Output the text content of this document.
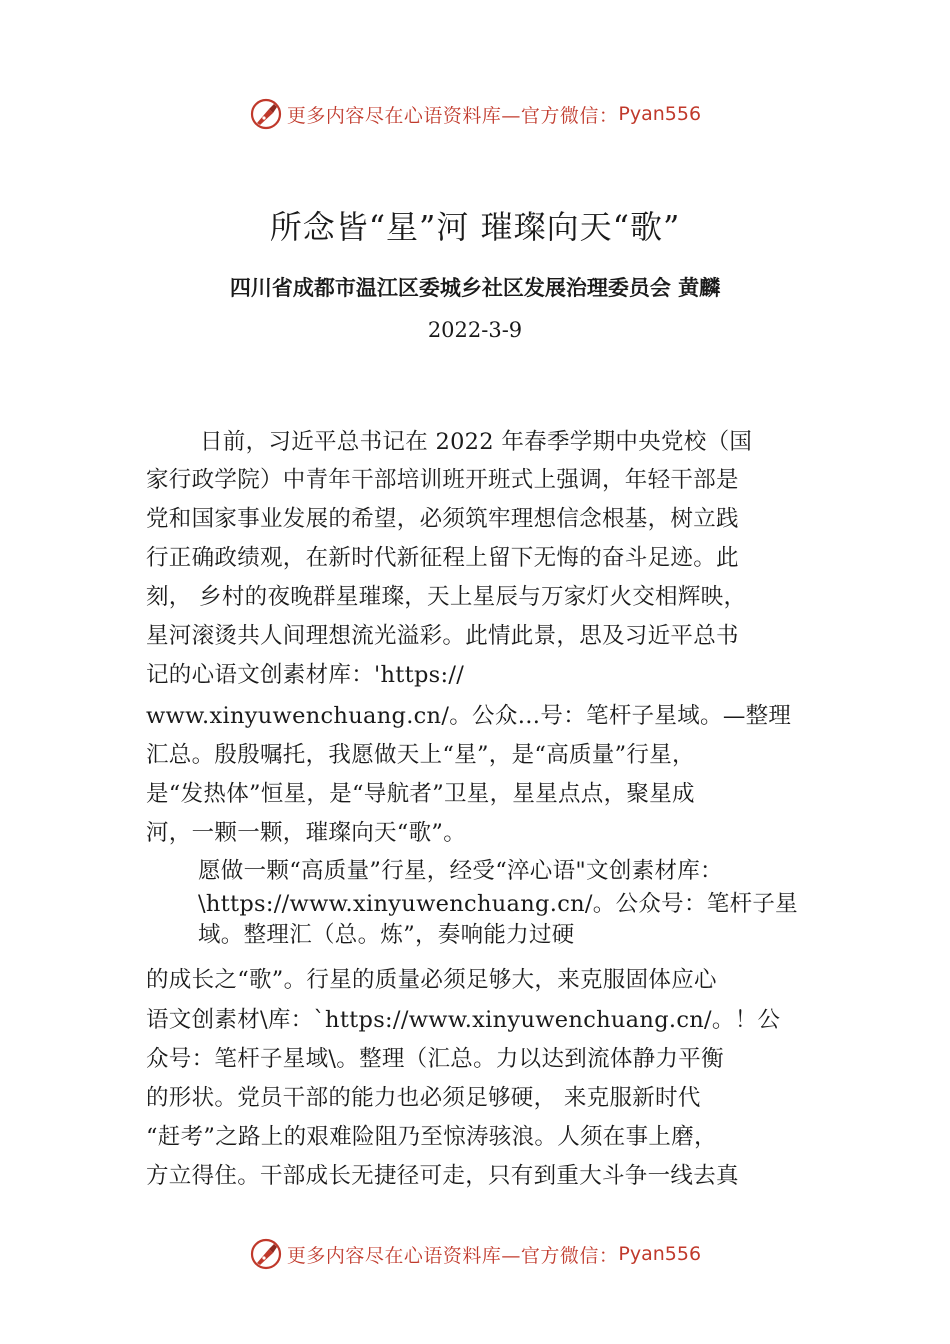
更多内容尽在心语资料库—官方微信： Pyan556
所念皆“星”河 璀璨向天“歌”
四川省成都市温江区委城乡社区发展治理委员会 黄麟
2022-3-9
日前，习近平总书记在 2022 年春季学期中央党校（国
家行政学院）中青年干部培训班开班式上强调，年轻干部是
党和国家事业发展的希望，必须筑牢理想信念根基，树立践
行正确政绩观，在新时代新征程上留下无悔的奋斗足迹。此
刻， 乡村的夜晚群星璀璨，天上星辰与万家灯火交相辉映，
星河滚烫共人间理想流光溢彩。此情此景，思及习近平总书
记的心语文创素材库：'https://
www.xinyuwenchuang.cn/。公众…号：笔杆子星域。—整理
汇总。殷殷嘱托，我愿做天上“星”，是“高质量”行星，
是“发热体”恒星，是“导航者”卫星，星星点点，聚星成
河，一颗一颗，璀璨向天“歌”。
愿做一颗“高质量”行星，经受“淬心语"文创素材库：
\https://www.xinyuwenchuang.cn/。公众号：笔杆子星
域。整理汇（总。炼”，奏响能力过硬
的成长之“歌”。行星的质量必须足够大，来克服固体应心
语文创素材\库：`https://www.xinyuwenchuang.cn/。！公
众号：笔杆子星域\。整理（汇总。力以达到流体静力平衡
的形状。党员干部的能力也必须足够硬， 来克服新时代
“赶考”之路上的艰难险阻乃至惊涛骇浪。人须在事上磨，
方立得住。干部成长无捷径可走，只有到重大斗争一线去真
更多内容尽在心语资料库—官方微信： Pyan556
